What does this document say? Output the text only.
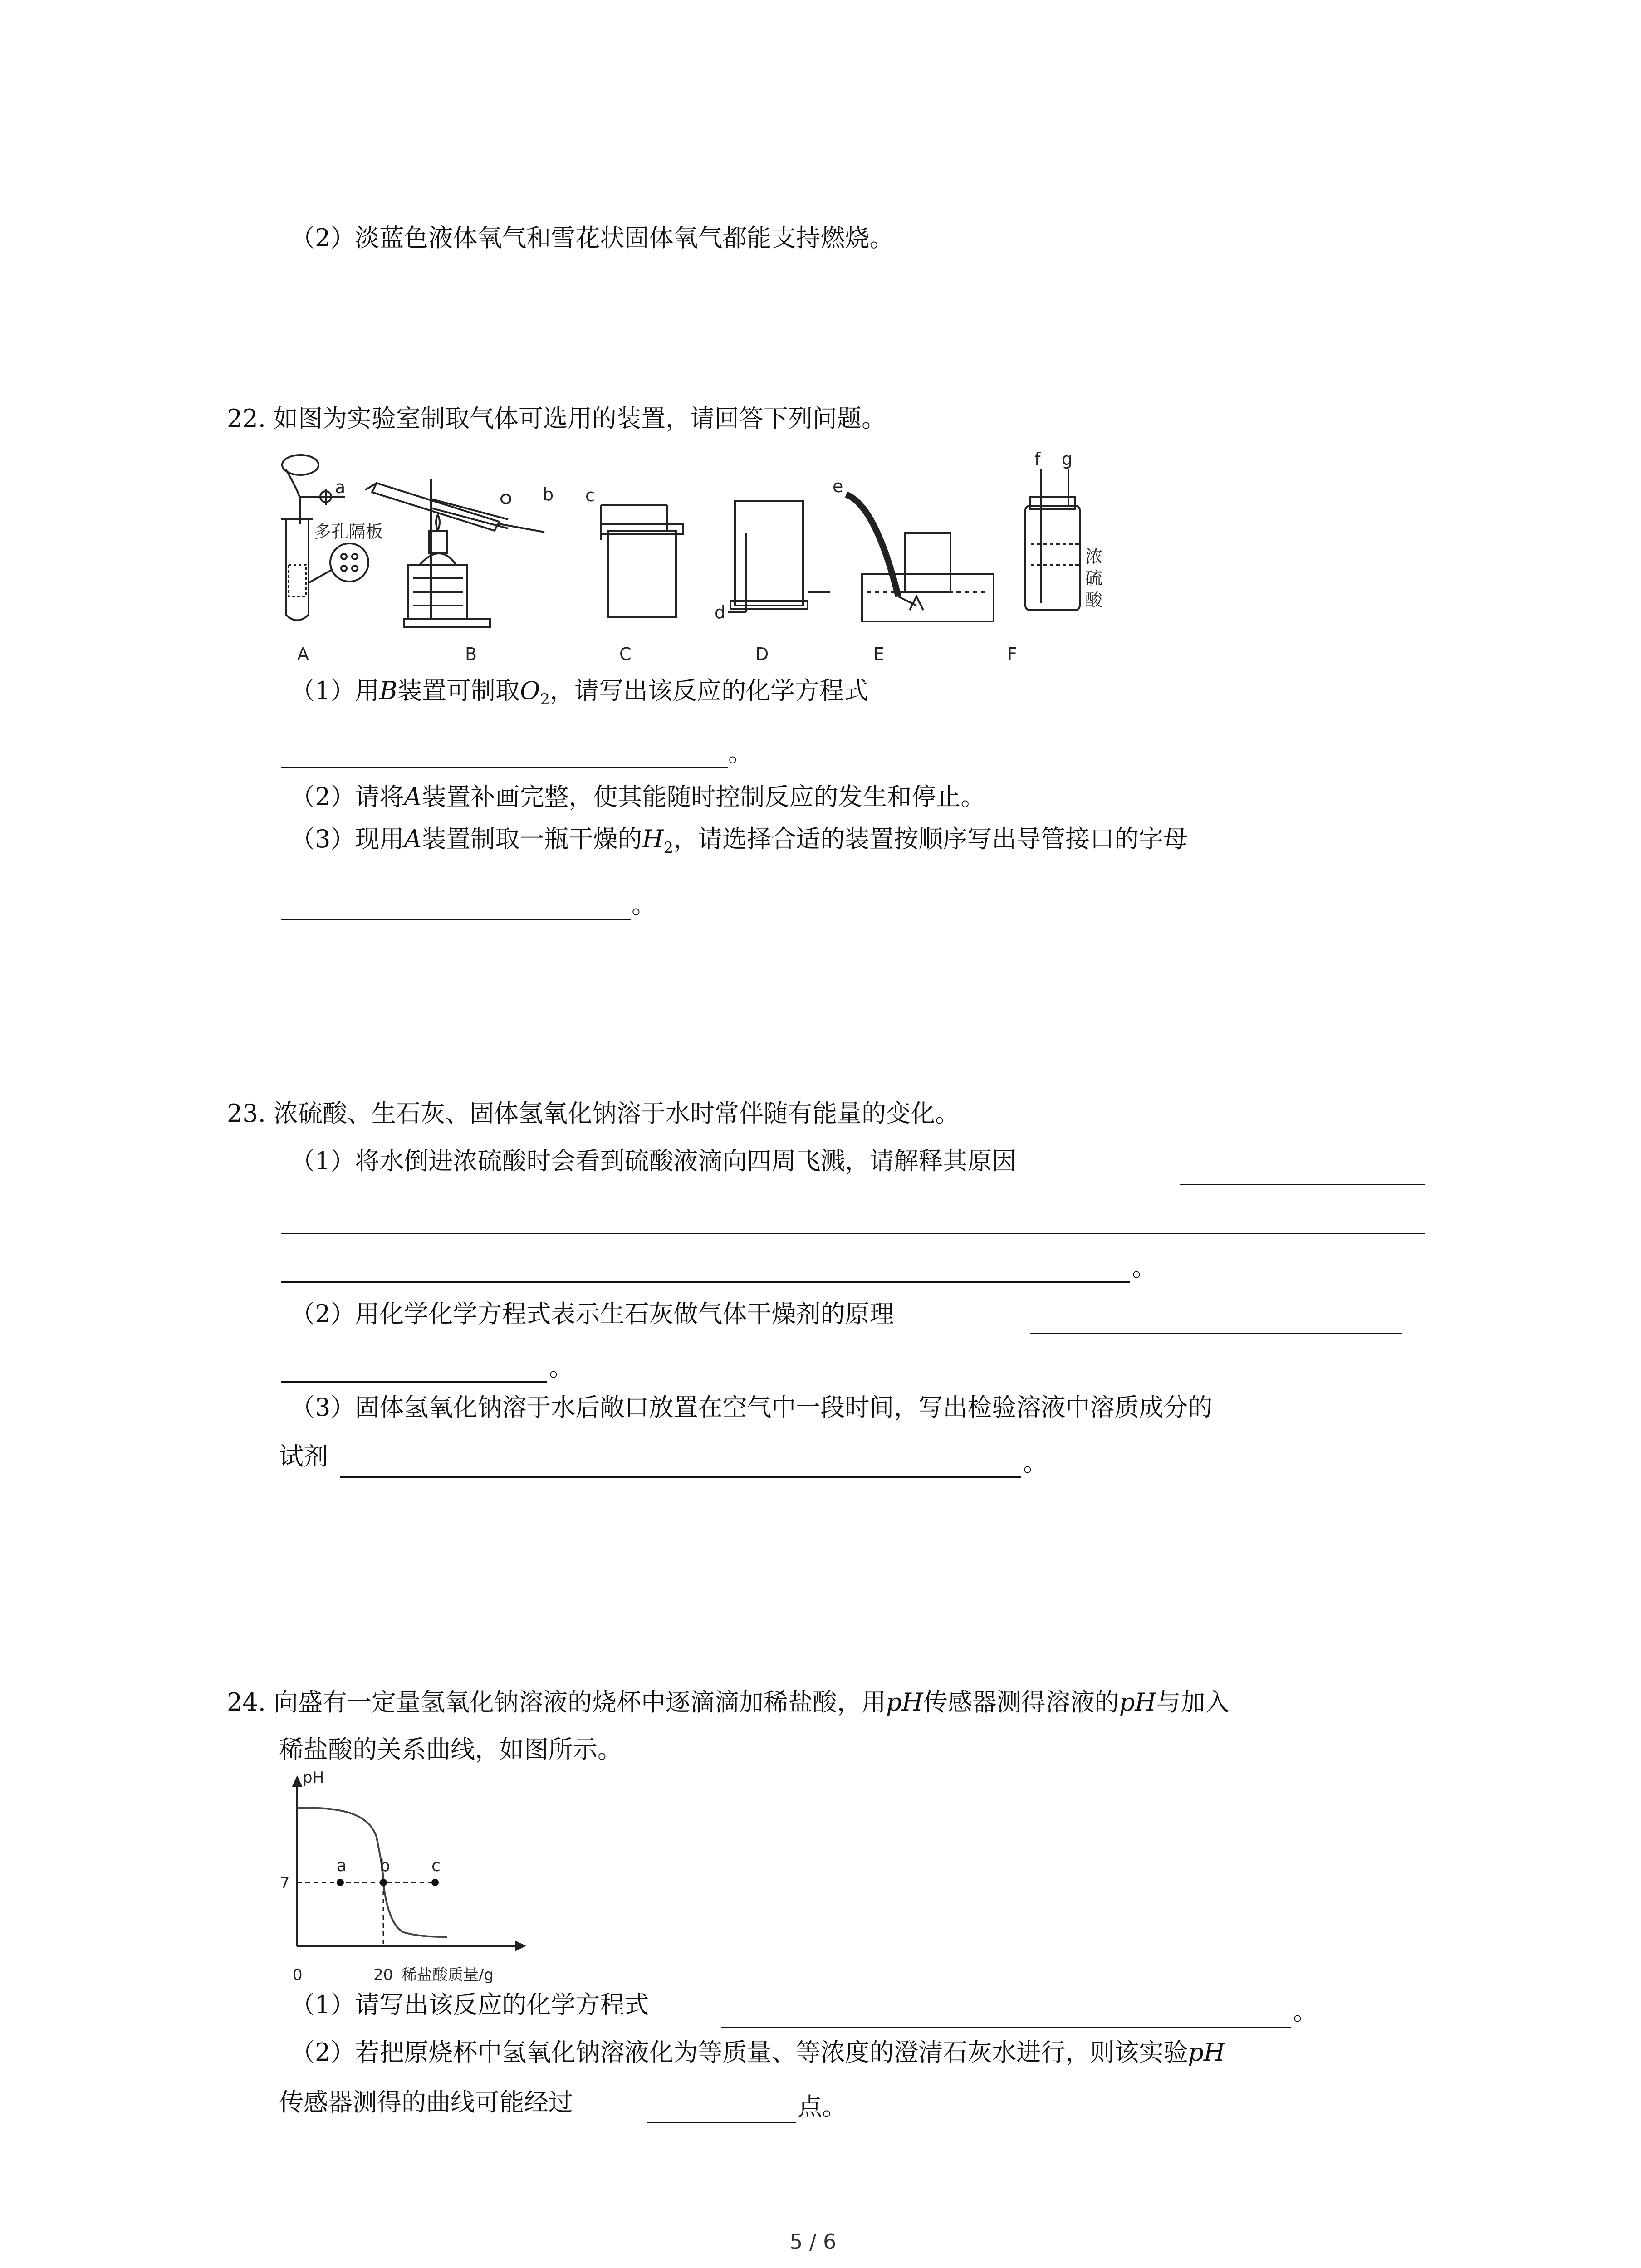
（2）淡蓝色液体氧气和雪花状固体氧气都能支持燃烧。
22. 如图为实验室制取气体可选用的装置，请回答下列问题。
多孔隔板
a	b c
d
e
f g
浓
硫
酸
A	B	C	D	E	F
（1）用B装置可制取$O_2$，请写出该反应的化学方程式
。
（2）请将A装置补画完整，使其能随时控制反应的发生和停止。
（3）现用A装置制取一瓶干燥的$H_2$，请选择合适的装置按顺序写出导管接口的字母
。
23. 浓硫酸、生石灰、固体氢氧化钠溶于水时常伴随有能量的变化。
（1）将水倒进浓硫酸时会看到硫酸液滴向四周飞溅，请解释其原因
。
（2）用化学化学方程式表示生石灰做气体干燥剂的原理
。
（3）固体氢氧化钠溶于水后敞口放置在空气中一段时间，写出检验溶液中溶质成分的
试剂	。
24. 向盛有一定量氢氧化钠溶液的烧杯中逐滴滴加稀盐酸，用pH传感器测得溶液的pH与加入
稀盐酸的关系曲线，如图所示。
a b	c
pH
7
0	20 稀盐酸质量/g
（1）请写出该反应的化学方程式	。
（2）若把原烧杯中氢氧化钠溶液化为等质量、等浓度的澄清石灰水进行，则该实验pH
传感器测得的曲线可能经过	点。
5 / 6
